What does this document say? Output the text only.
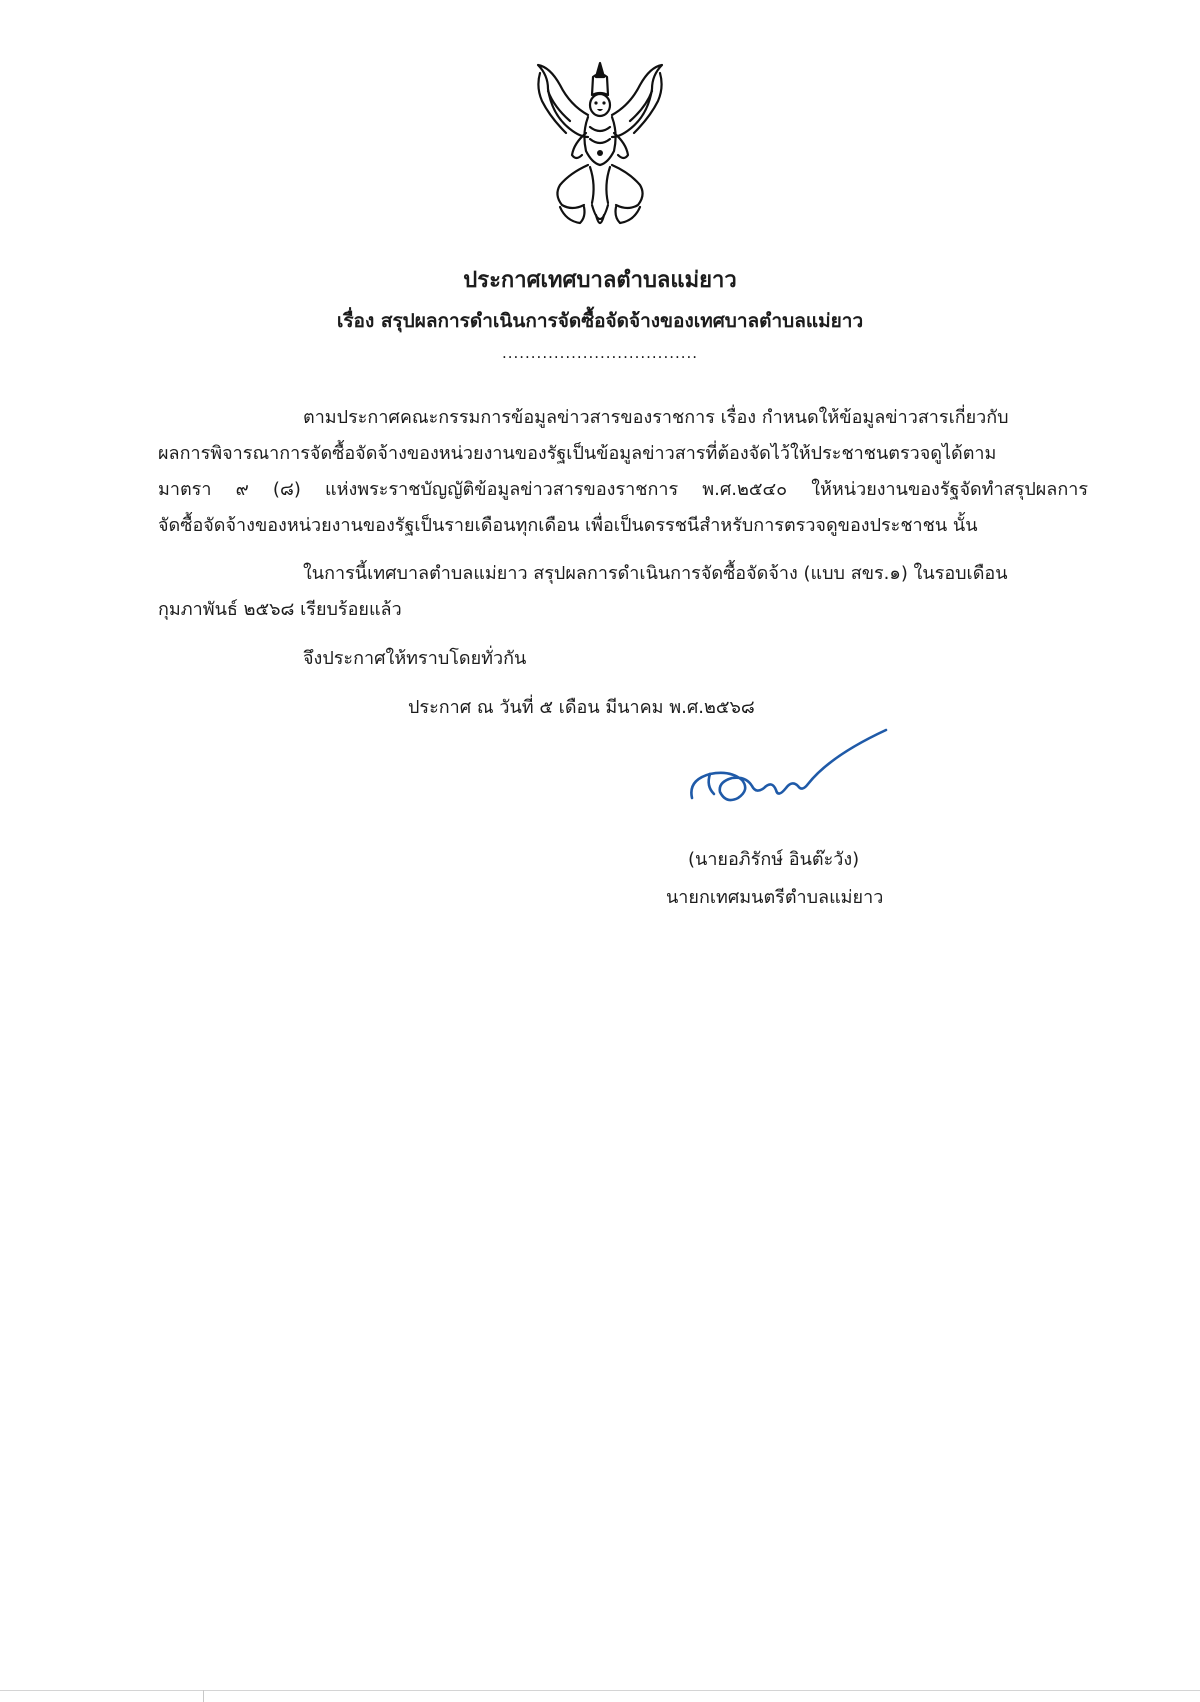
ประกาศเทศบาลตำบลแม่ยาว
เรื่อง สรุปผลการดำเนินการจัดซื้อจัดจ้างของเทศบาลตำบลแม่ยาว
..................................
ตามประกาศคณะกรรมการข้อมูลข่าวสารของราชการ เรื่อง กำหนดให้ข้อมูลข่าวสารเกี่ยวกับ
ผลการพิจารณาการจัดซื้อจัดจ้างของหน่วยงานของรัฐเป็นข้อมูลข่าวสารที่ต้องจัดไว้ให้ประชาชนตรวจดูได้ตาม
มาตรา ๙ (๘) แห่งพระราชบัญญัติข้อมูลข่าวสารของราชการ พ.ศ.๒๕๔๐ ให้หน่วยงานของรัฐจัดทำสรุปผลการ
จัดซื้อจัดจ้างของหน่วยงานของรัฐเป็นรายเดือนทุกเดือน เพื่อเป็นดรรชนีสำหรับการตรวจดูของประชาชน นั้น
ในการนี้เทศบาลตำบลแม่ยาว สรุปผลการดำเนินการจัดซื้อจัดจ้าง (แบบ สขร.๑) ในรอบเดือน
กุมภาพันธ์ ๒๕๖๘ เรียบร้อยแล้ว
จึงประกาศให้ทราบโดยทั่วกัน
ประกาศ ณ วันที่ ๕ เดือน มีนาคม พ.ศ.๒๕๖๘
(นายอภิรักษ์ อินต๊ะวัง)
นายกเทศมนตรีตำบลแม่ยาว
